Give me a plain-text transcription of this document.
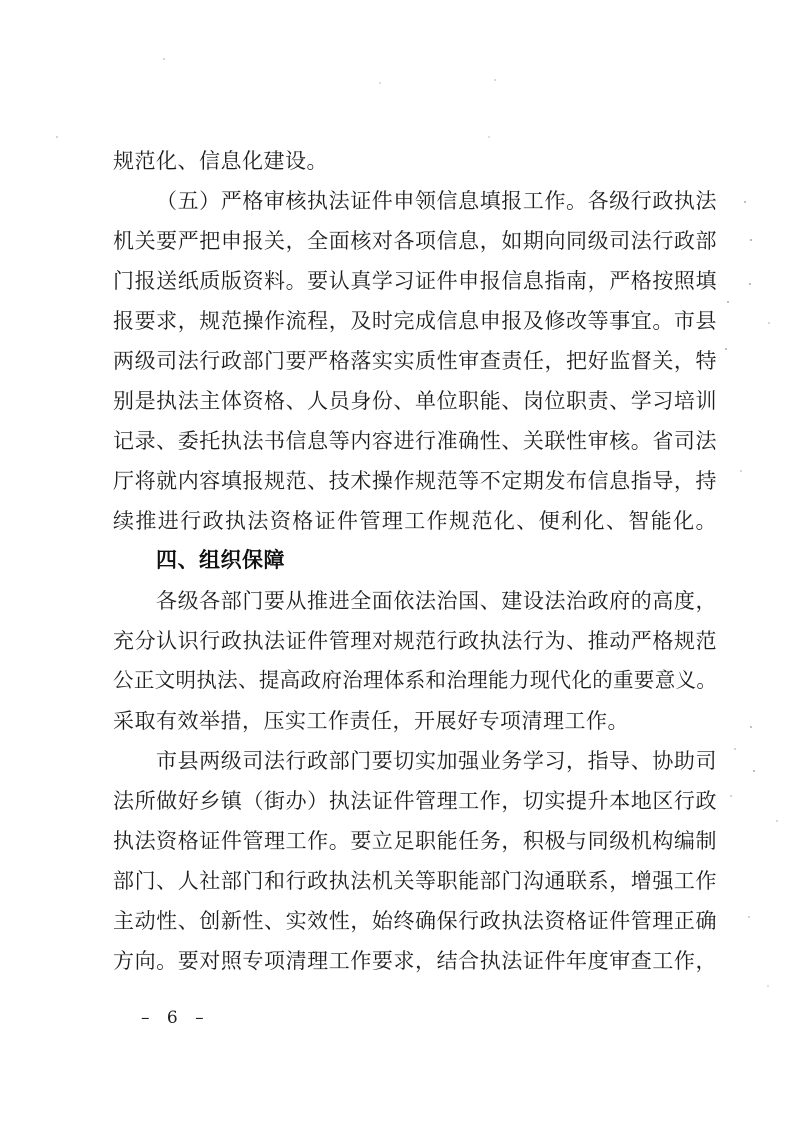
规范化、信息化建设。
（五）严格审核执法证件申领信息填报工作。各级行政执法
机关要严把申报关，全面核对各项信息，如期向同级司法行政部
门报送纸质版资料。要认真学习证件申报信息指南，严格按照填
报要求，规范操作流程，及时完成信息申报及修改等事宜。市县
两级司法行政部门要严格落实实质性审查责任，把好监督关，特
别是执法主体资格、人员身份、单位职能、岗位职责、学习培训
记录、委托执法书信息等内容进行准确性、关联性审核。省司法
厅将就内容填报规范、技术操作规范等不定期发布信息指导，持
续推进行政执法资格证件管理工作规范化、便利化、智能化。
四、组织保障
各级各部门要从推进全面依法治国、建设法治政府的高度，
充分认识行政执法证件管理对规范行政执法行为、推动严格规范
公正文明执法、提高政府治理体系和治理能力现代化的重要意义。
采取有效举措，压实工作责任，开展好专项清理工作。
市县两级司法行政部门要切实加强业务学习，指导、协助司
法所做好乡镇（街办）执法证件管理工作，切实提升本地区行政
执法资格证件管理工作。要立足职能任务，积极与同级机构编制
部门、人社部门和行政执法机关等职能部门沟通联系，增强工作
主动性、创新性、实效性，始终确保行政执法资格证件管理正确
方向。要对照专项清理工作要求，结合执法证件年度审查工作，
– 6 –
